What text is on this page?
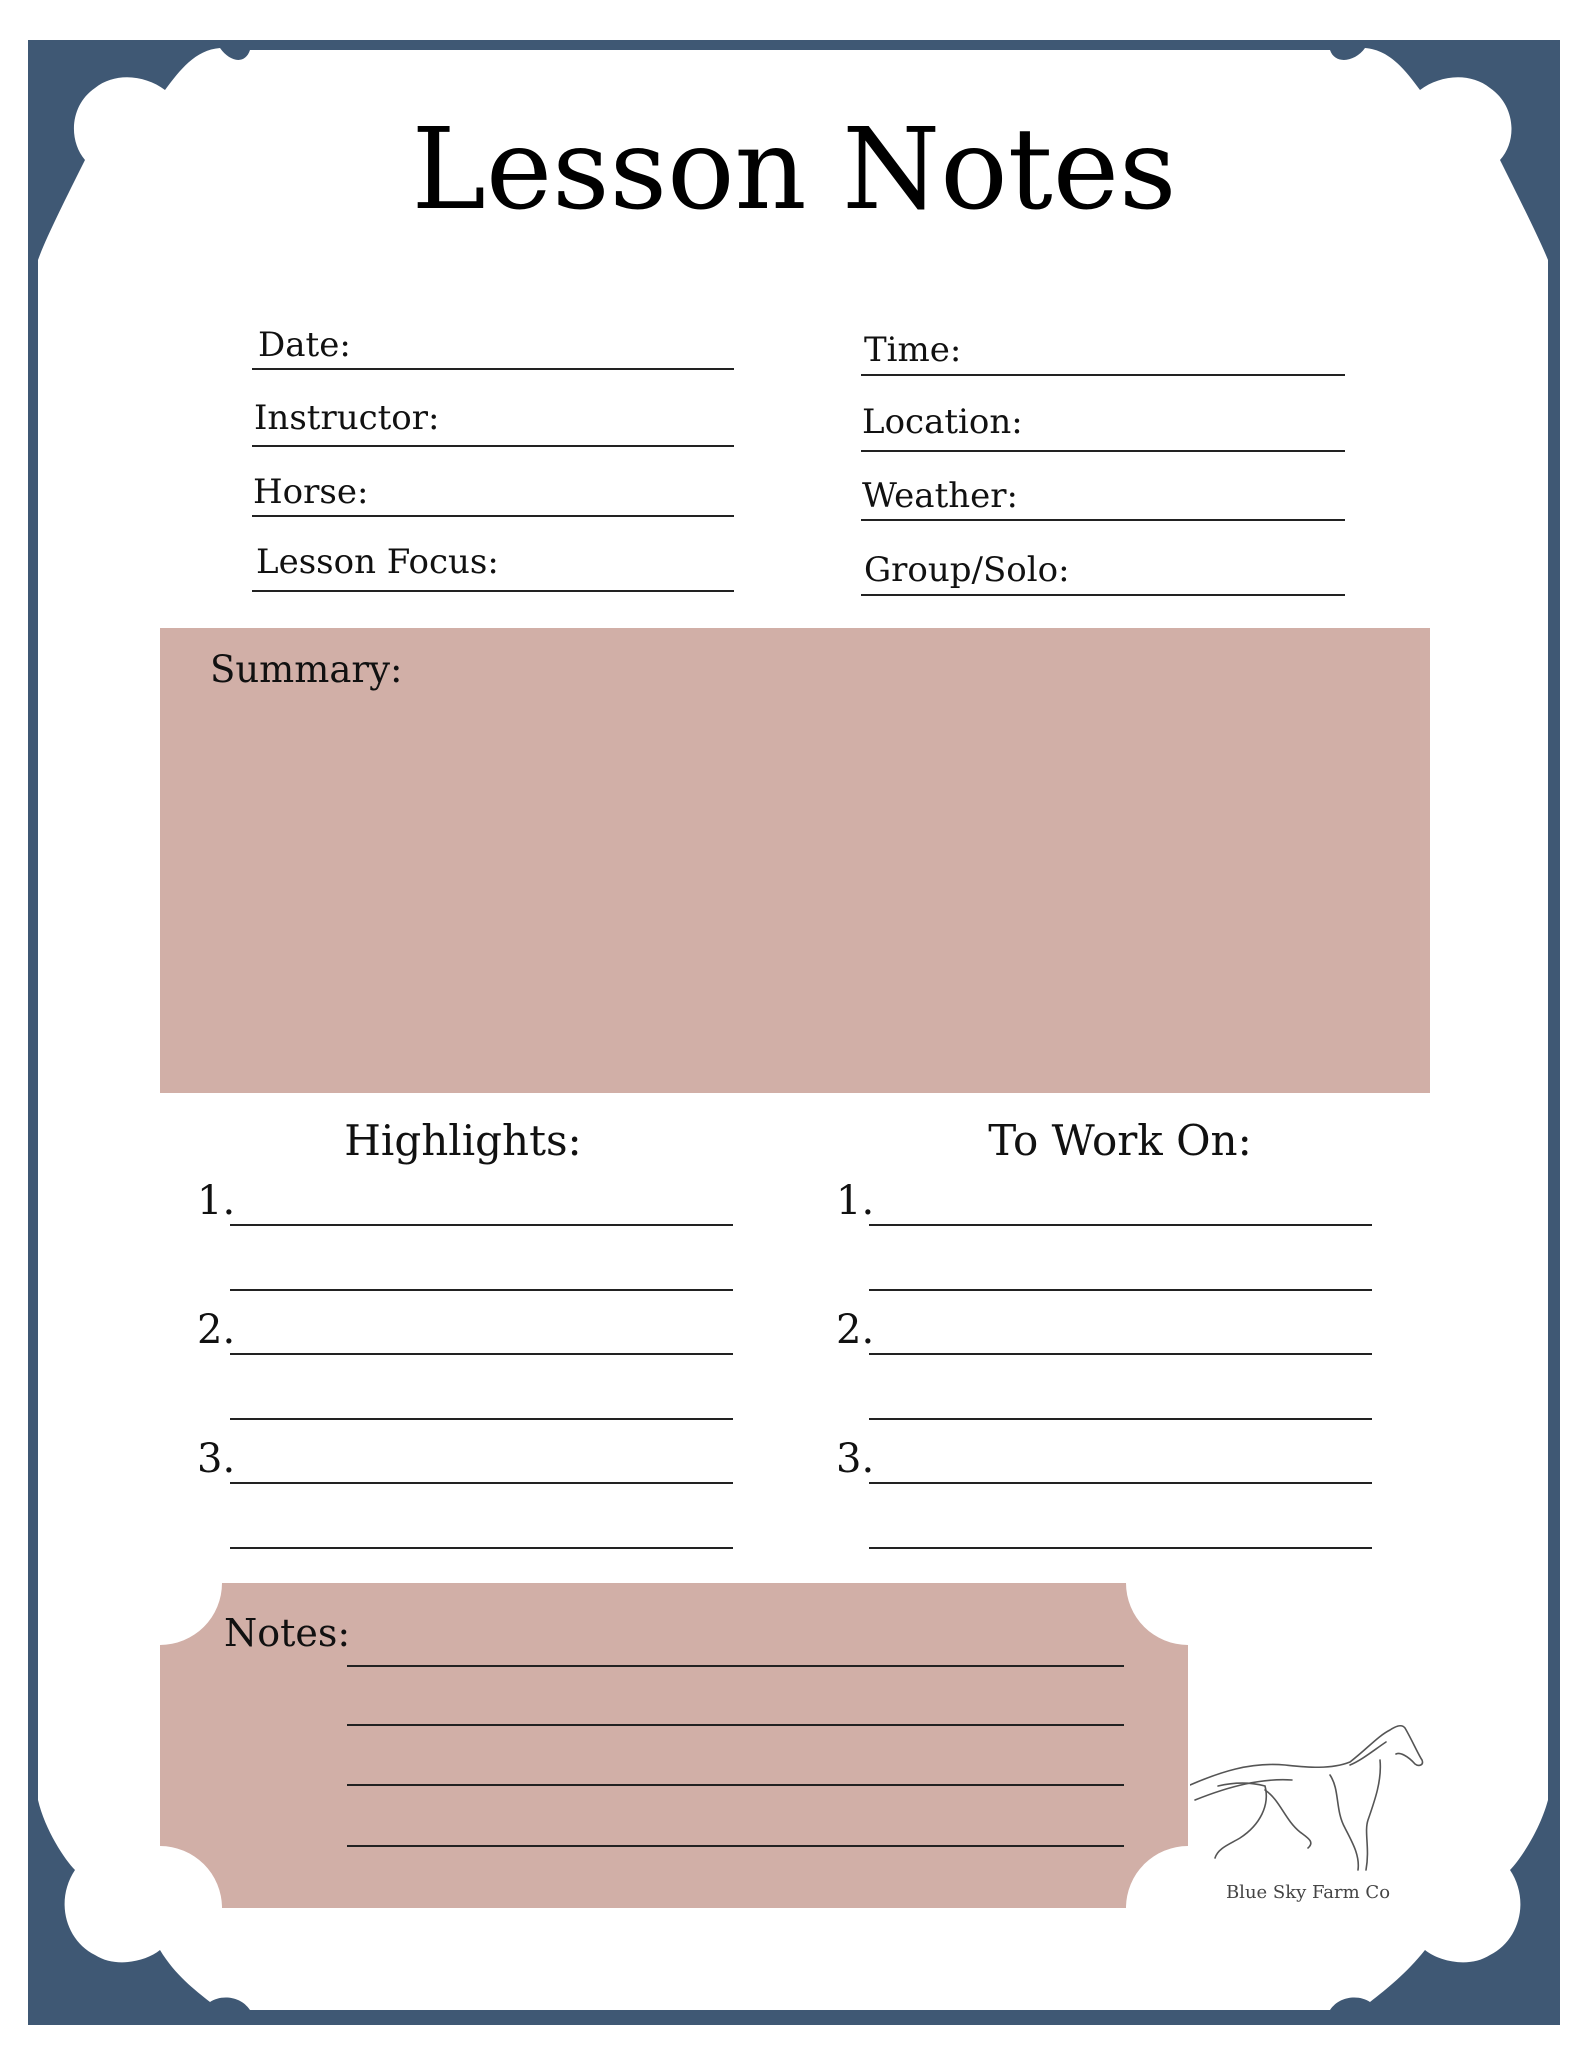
Lesson Notes
Date:
Instructor:
Horse:
Lesson Focus:
Time:
Location:
Weather:
Group/Solo:
Summary:
Highlights:
1.
2.
3.
To Work On:
1.
2.
3.
Notes:
Blue Sky Farm Co
